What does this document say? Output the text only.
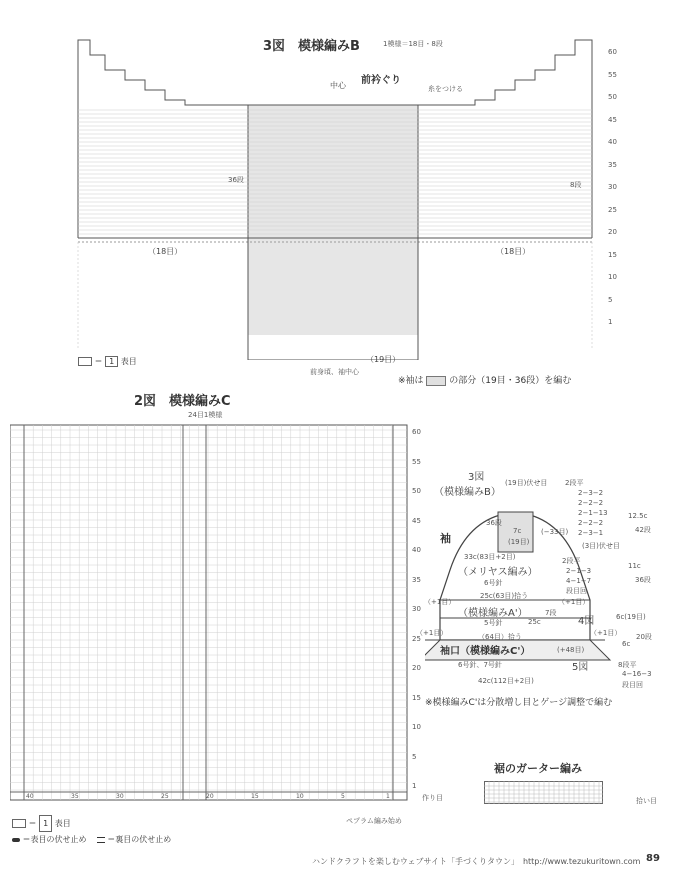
3図　模様編みB	1模様＝18目・8段
中心 前衿ぐり
糸をつける
60
55
50
45
40
35
30
25
20
15
10
5
1
36段
8段
（18目）	（18目）
（19目）
前身頃、袖中心
＝ 1 表目
※袖は	の部分（19目・36段）を編む
2図　模様編みC
24目1模様
40	35	30	25	20	15	10	5	1
60
55
50
45
40
35
30
25
20
15
10
5
1
作り目
ペプラム編み始め
＝ 1 表目
＝表目の伏せ止め	＝裏目の伏せ止め
3図
（模様編みB）
(19目)伏せ目	2段平
2−3−2
2−2−2
2−1−13
2−2−2
2−3−1
(3目)伏せ目
12.5c
42段
袖
36段
7c
(19目)
(−33目)
33c(83目+2目)
（メリヤス編み）
6号針
2段平
2−1−3
4−1−7
段目回
11c
36段
25c(63目)拾う
（+1目）	（+1目）
（模様編みA'）
5号針	25c
7段
4図	6c(19目)
20段
6c
（64目）拾う
（+1目）	（+1目）
袖口（模様編みC'）	(+48目)
6号針、7号針	5図	8段平
4−16−3
段目回
42c(112目+2目)
※模様編みC'は分散増し目とゲージ調整で編む
裾のガーター編み
拾い目
ハンドクラフトを楽しむウェブサイト「手づくりタウン」　http://www.tezukuritown.com 89
